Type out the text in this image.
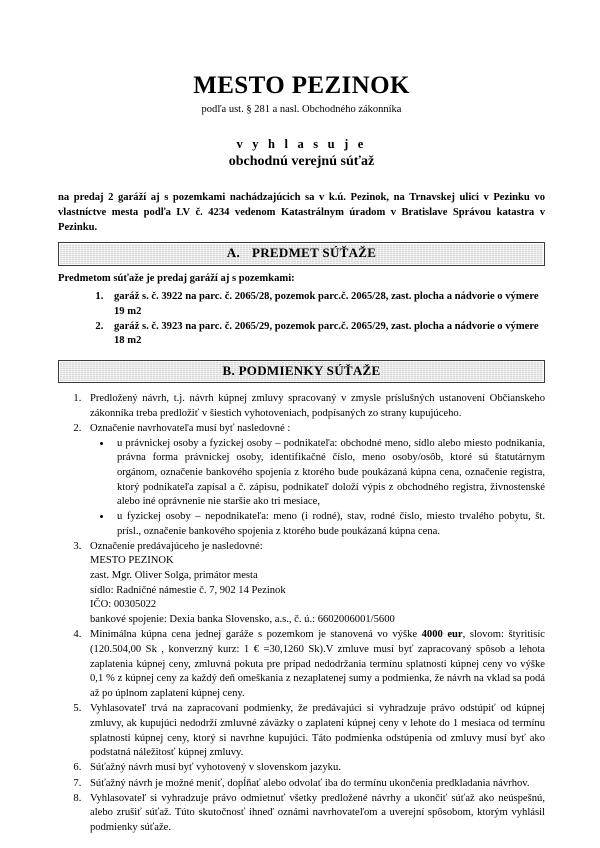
MESTO PEZINOK
podľa ust. § 281 a nasl. Obchodného zákonníka
v y h l a s u j e
obchodnú verejnú súťaž
na predaj 2 garáží aj s pozemkami nachádzajúcich sa v k.ú. Pezinok, na Trnavskej ulici v Pezinku vo vlastníctve mesta podľa LV č. 4234 vedenom Katastrálnym úradom v Bratislave Správou katastra v Pezinku.
A. PREDMET SÚŤAŽE
Predmetom súťaže je predaj garáží aj s pozemkami:
1. garáž s. č. 3922 na parc. č. 2065/28, pozemok parc.č. 2065/28, zast. plocha a nádvorie o výmere 19 m2
2. garáž s. č. 3923 na parc. č. 2065/29, pozemok parc.č. 2065/29, zast. plocha a nádvorie o výmere 18 m2
B. PODMIENKY SÚŤAŽE
1. Predložený návrh, t.j. návrh kúpnej zmluvy spracovaný v zmysle príslušných ustanovení Občianskeho zákonníka treba predložiť v šiestich vyhotoveniach, podpísaných zo strany kupujúceho.
2. Označenie navrhovateľa musí byť nasledovné :
• u právnickej osoby a fyzickej osoby – podnikateľa: obchodné meno, sídlo alebo miesto podnikania, právna forma právnickej osoby, identifikačné číslo, meno osoby/osôb, ktoré sú štatutárnym orgánom, označenie bankového spojenia z ktorého bude poukázaná kúpna cena, označenie registra, ktorý podnikateľa zapísal a č. zápisu, podnikateľ doloží výpis z obchodného registra, živnostenské alebo iné oprávnenie nie staršie ako tri mesiace,
• u fyzickej osoby – nepodnikateľa: meno (i rodné), stav, rodné číslo, miesto trvalého pobytu, št. prísl., označenie bankového spojenia z ktorého bude poukázaná kúpna cena.
3. Označenie predávajúceho je nasledovné:
MESTO PEZINOK
zast. Mgr. Oliver Solga, primátor mesta
sídlo: Radničné námestie č. 7, 902 14 Pezinok
IČO: 00305022
bankové spojenie: Dexia banka Slovensko, a.s., č. ú.: 6602006001/5600
4. Minimálna kúpna cena jednej garáže s pozemkom je stanovená vo výške 4000 eur, slovom: štyritisíc (120.504,00 Sk , konverzný kurz: 1 € =30,1260 Sk).V zmluve musí byť zapracovaný spôsob a lehota zaplatenia kúpnej ceny, zmluvná pokuta pre prípad nedodržania termínu splatnosti kúpnej ceny vo výške 0,1 % z kúpnej ceny za každý deň omeškania z nezaplatenej sumy a podmienka, že návrh na vklad sa podá až po úplnom zaplatení kúpnej ceny.
5. Vyhlasovateľ trvá na zapracovaní podmienky, že predávajúci si vyhradzuje právo odstúpiť od kúpnej zmluvy, ak kupujúci nedodrží zmluvné záväzky o zaplatení kúpnej ceny v lehote do 1 mesiaca od termínu splatnosti kúpnej ceny, ktorý si navrhne kupujúci. Táto podmienka odstúpenia od zmluvy musí byť ako podstatná náležitosť kúpnej zmluvy.
6. Súťažný návrh musí byť vyhotovený v slovenskom jazyku.
7. Súťažný návrh je možné meniť, dopĺňať alebo odvolať iba do termínu ukončenia predkladania návrhov.
8. Vyhlasovateľ si vyhradzuje právo odmietnuť všetky predložené návrhy a ukončiť súťaž ako neúspešnú, alebo zrušiť súťaž. Túto skutočnosť ihneď oznámi navrhovateľom a uverejní spôsobom, ktorým vyhlásil podmienky súťaže.
